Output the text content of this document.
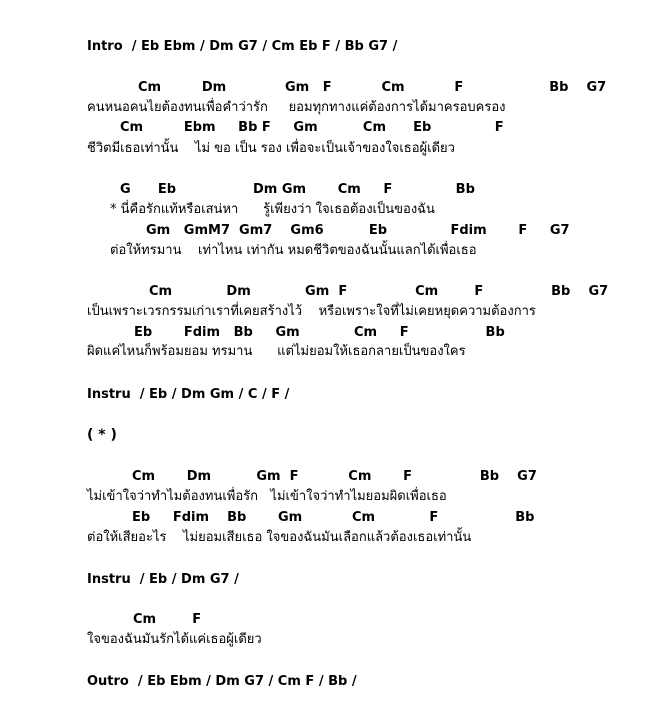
Intro  / Eb Ebm / Dm G7 / Cm Eb F / Bb G7 /
Cm         Dm             Gm   F           Cm           F                   Bb    G7
คนหนอคนไยต้องทนเพื่อคำว่ารัก     ยอมทุกทางแค่ต้องการได้มาครอบครอง
Cm         Ebm     Bb F     Gm          Cm      Eb              F
ชีวิตมีเธอเท่านั้น    ไม่ ขอ เป็น รอง เพื่อจะเป็นเจ้าของใจเธอผู้เดียว
G      Eb                 Dm Gm       Cm     F              Bb
* นี่คือรักแท้หรือเสน่หา      รู้เพียงว่า ใจเธอต้องเป็นของฉัน
Gm   GmM7  Gm7    Gm6          Eb              Fdim       F     G7
ต่อให้ทรมาน    เท่าไหน เท่ากัน หมดชีวิตของฉันนั้นแลกได้เพื่อเธอ
Cm            Dm            Gm  F               Cm        F               Bb    G7
เป็นเพราะเวรกรรมเก่าเราที่เคยสร้างไว้    หรือเพราะใจที่ไม่เคยหยุดความต้องการ
Eb       Fdim   Bb     Gm            Cm     F                 Bb
ผิดแค่ไหนก็พร้อมยอม ทรมาน      แต่ไม่ยอมให้เธอกลายเป็นของใคร
Instru  / Eb / Dm Gm / C / F /
( * )
Cm       Dm          Gm  F           Cm       F               Bb    G7
ไม่เข้าใจว่าทำไมต้องทนเพื่อรัก   ไม่เข้าใจว่าทำไมยอมผิดเพื่อเธอ
Eb     Fdim    Bb       Gm           Cm            F                 Bb
ต่อให้เสียอะไร    ไม่ยอมเสียเธอ ใจของฉันมันเลือกแล้วต้องเธอเท่านั้น
Instru  / Eb / Dm G7 /
Cm        F
ใจของฉันมันรักได้แค่เธอผู้เดียว
Outro  / Eb Ebm / Dm G7 / Cm F / Bb /
